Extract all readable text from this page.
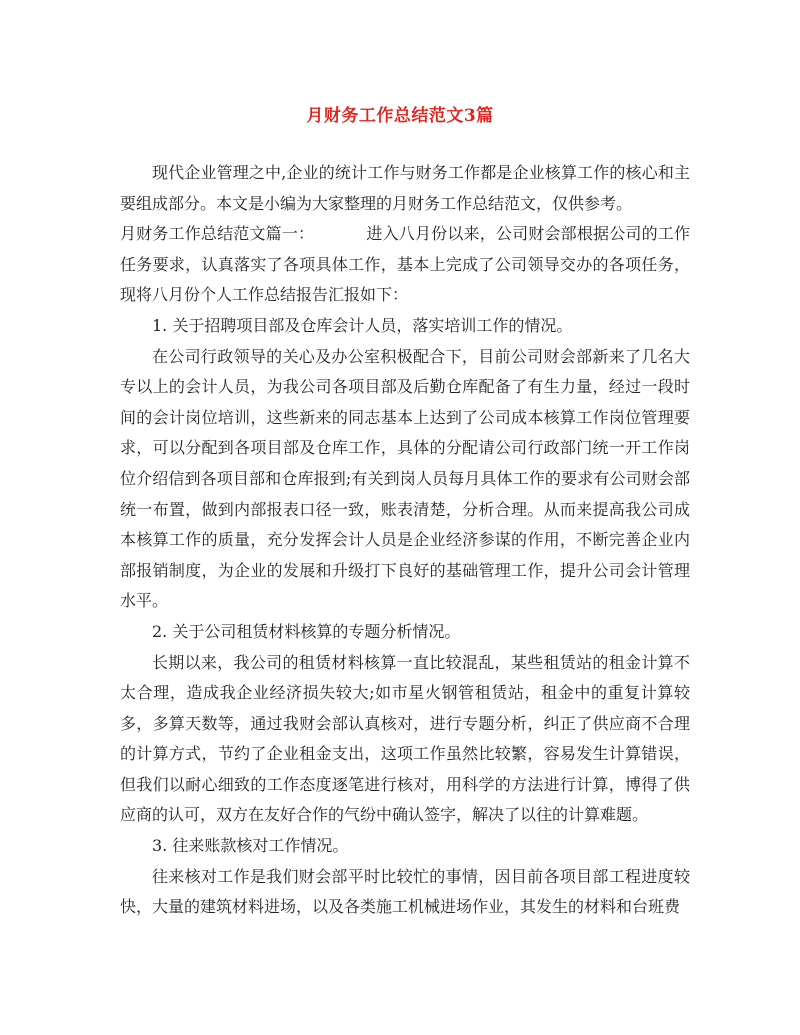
月财务工作总结范文3篇

现代企业管理之中,企业的统计工作与财务工作都是企业核算工作的核心和主要组成部分。本文是小编为大家整理的月财务工作总结范文，仅供参考。

月财务工作总结范文篇一：	进入八月份以来，公司财会部根据公司的工作任务要求，认真落实了各项具体工作，基本上完成了公司领导交办的各项任务，现将八月份个人工作总结报告汇报如下：

1. 关于招聘项目部及仓库会计人员，落实培训工作的情况。

在公司行政领导的关心及办公室积极配合下，目前公司财会部新来了几名大专以上的会计人员，为我公司各项目部及后勤仓库配备了有生力量，经过一段时间的会计岗位培训，这些新来的同志基本上达到了公司成本核算工作岗位管理要求，可以分配到各项目部及仓库工作，具体的分配请公司行政部门统一开工作岗位介绍信到各项目部和仓库报到;有关到岗人员每月具体工作的要求有公司财会部统一布置，做到内部报表口径一致，账表清楚，分析合理。从而来提高我公司成本核算工作的质量，充分发挥会计人员是企业经济参谋的作用，不断完善企业内部报销制度，为企业的发展和升级打下良好的基础管理工作，提升公司会计管理水平。

2. 关于公司租赁材料核算的专题分析情况。

长期以来，我公司的租赁材料核算一直比较混乱，某些租赁站的租金计算不太合理，造成我企业经济损失较大;如市星火钢管租赁站，租金中的重复计算较多，多算天数等，通过我财会部认真核对，进行专题分析，纠正了供应商不合理的计算方式，节约了企业租金支出，这项工作虽然比较繁，容易发生计算错误，但我们以耐心细致的工作态度逐笔进行核对，用科学的方法进行计算，博得了供应商的认可，双方在友好合作的气纷中确认签字，解决了以往的计算难题。

3. 往来账款核对工作情况。

往来核对工作是我们财会部平时比较忙的事情，因目前各项目部工程进度较快，大量的建筑材料进场，以及各类施工机械进场作业，其发生的材料和台班费
